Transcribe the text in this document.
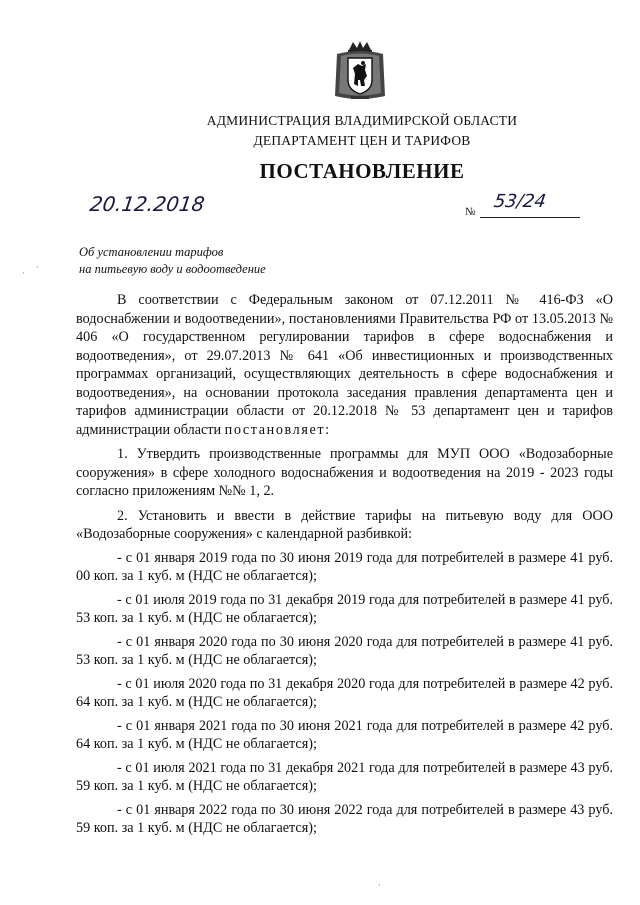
АДМИНИСТРАЦИЯ ВЛАДИМИРСКОЙ ОБЛАСТИ
ДЕПАРТАМЕНТ ЦЕН И ТАРИФОВ
ПОСТАНОВЛЕНИЕ
20.12.2018	№ 53/24
Об установлении тарифов
на питьевую воду и водоотведение

В соответствии с Федеральным законом от 07.12.2011 № 416-ФЗ «О водоснабжении и водоотведении», постановлениями Правительства РФ от 13.05.2013 № 406 «О государственном регулировании тарифов в сфере водоснабжения и водоотведения», от 29.07.2013 № 641 «Об инвестиционных и производственных программах организаций, осуществляющих деятельность в сфере водоснабжения и водоотведения», на основании протокола заседания правления департамента цен и тарифов администрации области от 20.12.2018 № 53 департамент цен и тарифов администрации области постановляет:

1. Утвердить производственные программы для МУП ООО «Водозаборные сооружения» в сфере холодного водоснабжения и водоотведения на 2019 - 2023 годы согласно приложениям №№ 1, 2.

2. Установить и ввести в действие тарифы на питьевую воду для ООО «Водозаборные сооружения» с календарной разбивкой:

- с 01 января 2019 года по 30 июня 2019 года для потребителей в размере 41 руб. 00 коп. за 1 куб. м (НДС не облагается);

- с 01 июля 2019 года по 31 декабря 2019 года для потребителей в размере 41 руб. 53 коп. за 1 куб. м (НДС не облагается);

- с 01 января 2020 года по 30 июня 2020 года для потребителей в размере 41 руб. 53 коп. за 1 куб. м (НДС не облагается);

- с 01 июля 2020 года по 31 декабря 2020 года для потребителей в размере 42 руб. 64 коп. за 1 куб. м (НДС не облагается);

- с 01 января 2021 года по 30 июня 2021 года для потребителей в размере 42 руб. 64 коп. за 1 куб. м (НДС не облагается);

- с 01 июля 2021 года по 31 декабря 2021 года для потребителей в размере 43 руб. 59 коп. за 1 куб. м (НДС не облагается);

- с 01 января 2022 года по 30 июня 2022 года для потребителей в размере 43 руб. 59 коп. за 1 куб. м (НДС не облагается);

·
·
·
